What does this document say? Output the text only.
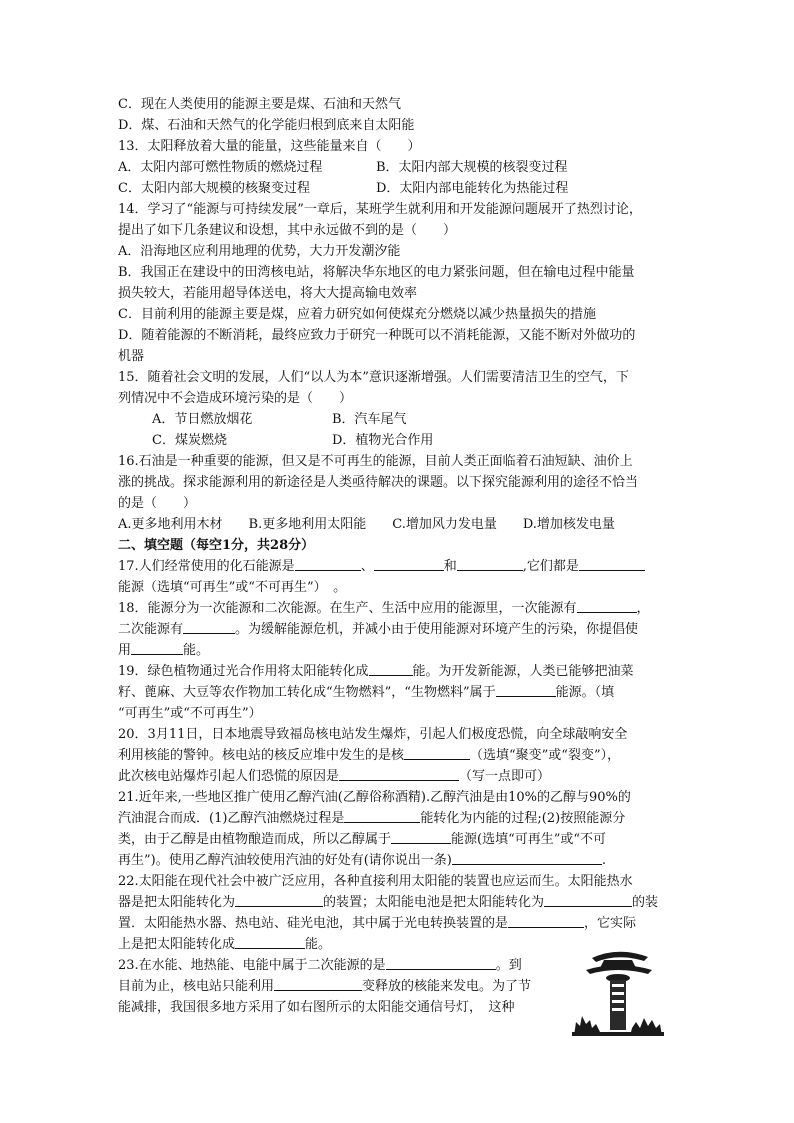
C．现在人类使用的能源主要是煤、石油和天然气
D．煤、石油和天然气的化学能归根到底来自太阳能
13．太阳释放着大量的能量，这些能量来自（　　）
A．太阳内部可燃性物质的燃烧过程	B．太阳内部大规模的核裂变过程
C．太阳内部大规模的核聚变过程	D．太阳内部电能转化为热能过程
14．学习了“能源与可持续发展”一章后，某班学生就利用和开发能源问题展开了热烈讨论，
提出了如下几条建议和设想，其中永远做不到的是（　　）
A．沿海地区应利用地理的优势，大力开发潮汐能
B．我国正在建设中的田湾核电站，将解决华东地区的电力紧张问题，但在输电过程中能量
损失较大，若能用超导体送电，将大大提高输电效率
C．目前利用的能源主要是煤，应着力研究如何使煤充分燃烧以减少热量损失的措施
D．随着能源的不断消耗，最终应致力于研究一种既可以不消耗能源，又能不断对外做功的
机器
15．随着社会文明的发展，人们“以人为本”意识逐渐增强。人们需要清洁卫生的空气，下
列情况中不会造成环境污染的是（　　）
A．节日燃放烟花	B．汽车尾气
C．煤炭燃烧	D．植物光合作用
16.石油是一种重要的能源，但又是不可再生的能源，目前人类正面临着石油短缺、油价上
涨的挑战。探求能源利用的新途径是人类亟待解决的课题。以下探究能源利用的途径不恰当
的是（　　）
A.更多地利用木材　　B.更多地利用太阳能　　C.增加风力发电量　　D.增加核发电量
二、填空题（每空1分，共28分）
17.人们经常使用的化石能源是	、	和	,它们都是
能源（选填“可再生”或“不可再生”）　。
18．能源分为一次能源和二次能源。在生产、生活中应用的能源里，一次能源有	，
二次能源有	。为缓解能源危机，并减小由于使用能源对环境产生的污染，你提倡使
用	能。
19．绿色植物通过光合作用将太阳能转化成	能。为开发新能源，人类已能够把油菜
籽、蓖麻、大豆等农作物加工转化成“生物燃料”，“生物燃料”属于	能源。（填
“可再生”或“不可再生”）
20．3月11日，日本地震导致福岛核电站发生爆炸，引起人们极度恐慌，向全球敲响安全
利用核能的警钟。核电站的核反应堆中发生的是核	（选填“聚变”或“裂变”），
此次核电站爆炸引起人们恐慌的原因是	（写一点即可）
21.近年来,一些地区推广使用乙醇汽油(乙醇俗称酒精).乙醇汽油是由10%的乙醇与90%的
汽油混合而成．(1)乙醇汽油燃烧过程是	能转化为内能的过程;(2)按照能源分
类，由于乙醇是由植物酿造而成，所以乙醇属于	能源(选填“可再生”或“不可
再生”)。使用乙醇汽油较使用汽油的好处有(请你说出一条)	.
22.太阳能在现代社会中被广泛应用，各种直接利用太阳能的装置也应运而生。太阳能热水
器是把太阳能转化为	的装置；太阳能电池是把太阳能转化为	的装
置．太阳能热水器、热电站、硅光电池，其中属于光电转换装置的是	，它实际
上是把太阳能转化成	能。
23.在水能、地热能、电能中属于二次能源的是	。到
目前为止，核电站只能利用	变释放的核能来发电。为了节
能减排，我国很多地方采用了如右图所示的太阳能交通信号灯，　这种
